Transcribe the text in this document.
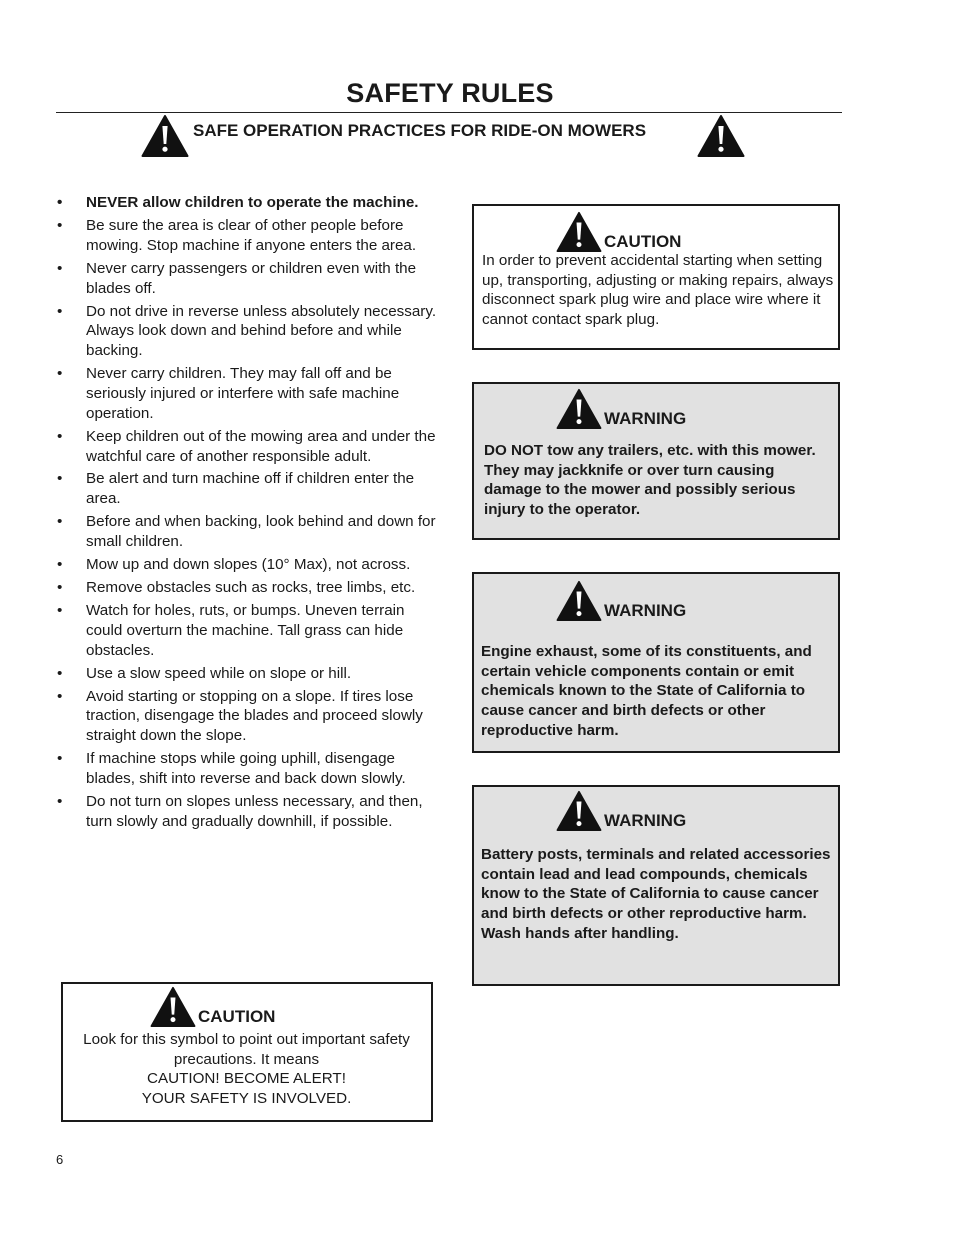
SAFETY RULES
SAFE OPERATION PRACTICES FOR RIDE-ON MOWERS
• NEVER allow children to operate the machine.
• Be sure the area is clear of other people before mowing. Stop machine if anyone enters the area.
• Never carry passengers or children even with the blades off.
• Do not drive in reverse unless absolutely necessary. Always look down and behind before and while backing.
• Never carry children. They may fall off and be seriously injured or interfere with safe machine operation.
• Keep children out of the mowing area and under the watchful care of another responsible adult.
• Be alert and turn machine off if children enter the area.
• Before and when backing, look behind and down for small children.
• Mow up and down slopes (10° Max), not across.
• Remove obstacles such as rocks, tree limbs, etc.
• Watch for holes, ruts, or bumps. Uneven terrain could overturn the machine. Tall grass can hide obstacles.
• Use a slow speed while on slope or hill.
• Avoid starting or stopping on a slope. If tires lose traction, disengage the blades and proceed slowly straight down the slope.
• If machine stops while going uphill, disengage blades, shift into reverse and back down slowly.
• Do not turn on slopes unless necessary, and then, turn slowly and gradually downhill, if possible.
CAUTION
Look for this symbol to point out important safety
precautions. It means
CAUTION! BECOME ALERT!
YOUR SAFETY IS INVOLVED.
CAUTION
In order to prevent accidental starting when setting up, transporting, adjusting or making repairs, always disconnect spark plug wire and place wire where it cannot contact spark plug.
WARNING
DO NOT tow any trailers, etc. with this mower. They may jackknife or over turn causing damage to the mower and possibly serious injury to the operator.
WARNING
Engine exhaust, some of its constituents, and certain vehicle components contain or emit chemicals known to the State of California to cause cancer and birth defects or other reproductive harm.
WARNING
Battery posts, terminals and related accessories contain lead and lead compounds, chemicals know to the State of California to cause cancer and birth defects or other reproductive harm. Wash hands after handling.
6
